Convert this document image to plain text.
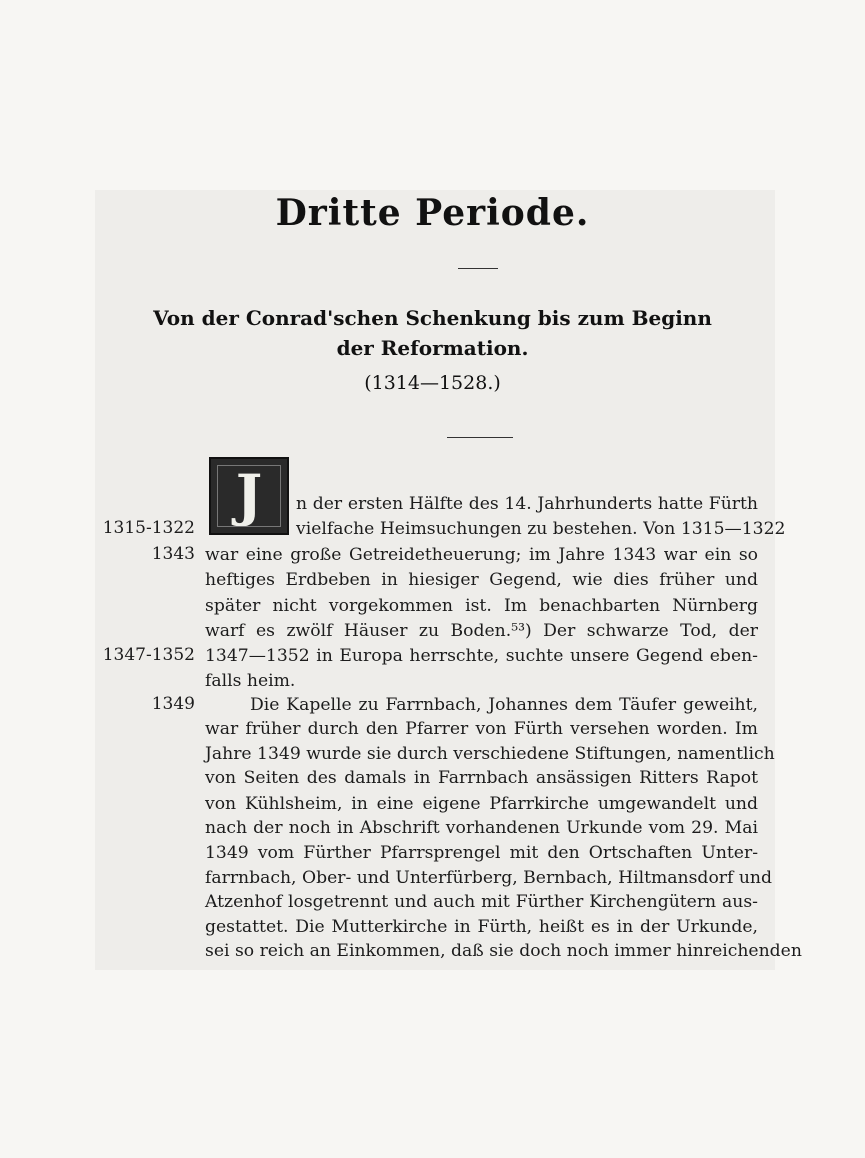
Dritte Periode.
Von der Conrad'schen Schenkung bis zum Beginn
der Reformation.
(1314—1528.)
J
1315-1322
1343
1347-1352
1349
n der ersten Hälfte des 14. Jahrhunderts hatte Fürth
vielfache Heimsuchungen zu bestehen. Von 1315—1322
war eine große Getreidetheuerung; im Jahre 1343 war ein so
heftiges Erdbeben in hiesiger Gegend, wie dies früher und
später nicht vorgekommen ist. Im benachbarten Nürnberg
warf es zwölf Häuser zu Boden.⁵³) Der schwarze Tod, der
1347—1352 in Europa herrschte, suchte unsere Gegend eben-
falls heim.
Die Kapelle zu Farrnbach, Johannes dem Täufer geweiht,
war früher durch den Pfarrer von Fürth versehen worden. Im
Jahre 1349 wurde sie durch verschiedene Stiftungen, namentlich
von Seiten des damals in Farrnbach ansässigen Ritters Rapot
von Kühlsheim, in eine eigene Pfarrkirche umgewandelt und
nach der noch in Abschrift vorhandenen Urkunde vom 29. Mai
1349 vom Fürther Pfarrsprengel mit den Ortschaften Unter-
farrnbach, Ober- und Unterfürberg, Bernbach, Hiltmansdorf und
Atzenhof losgetrennt und auch mit Fürther Kirchengütern aus-
gestattet. Die Mutterkirche in Fürth, heißt es in der Urkunde,
sei so reich an Einkommen, daß sie doch noch immer hinreichenden
